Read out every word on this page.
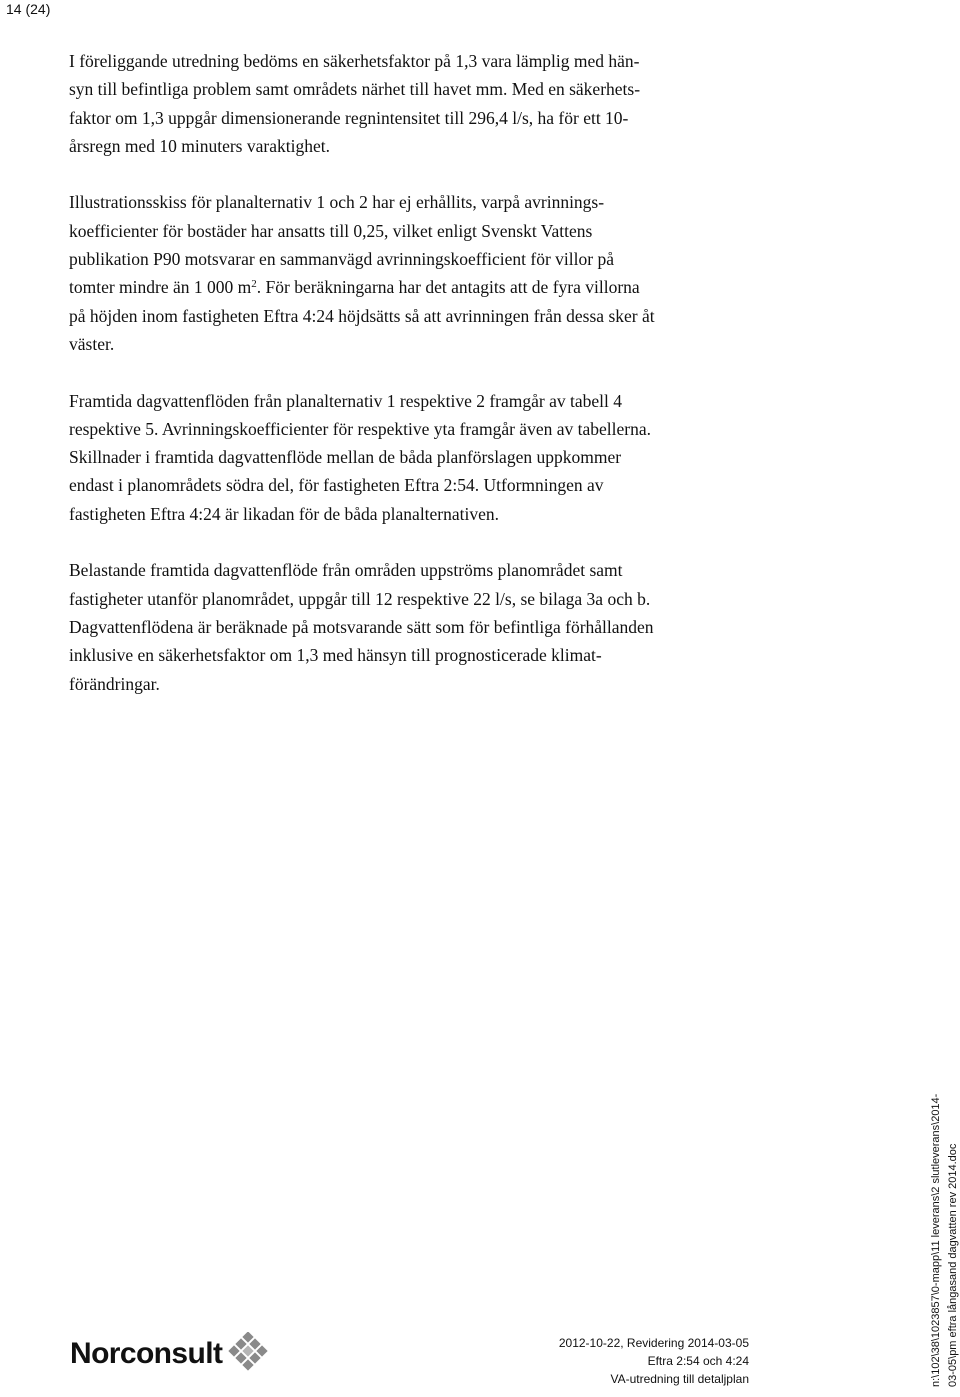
14 (24)
I föreliggande utredning bedöms en säkerhetsfaktor på 1,3 vara lämplig med hän-
syn till befintliga problem samt områdets närhet till havet mm. Med en säkerhets-
faktor om 1,3 uppgår dimensionerande regnintensitet till 296,4 l/s, ha för ett 10-
årsregn med 10 minuters varaktighet.
Illustrationsskiss för planalternativ 1 och 2 har ej erhållits, varpå avrinnings-
koefficienter för bostäder har ansatts till 0,25, vilket enligt Svenskt Vattens
publikation P90 motsvarar en sammanvägd avrinningskoefficient för villor på
tomter mindre än 1 000 $m^2$. För beräkningarna har det antagits att de fyra villorna
på höjden inom fastigheten Eftra 4:24 höjdsätts så att avrinningen från dessa sker åt
väster.
Framtida dagvattenflöden från planalternativ 1 respektive 2 framgår av tabell 4
respektive 5. Avrinningskoefficienter för respektive yta framgår även av tabellerna.
Skillnader i framtida dagvattenflöde mellan de båda planförslagen uppkommer
endast i planområdets södra del, för fastigheten Eftra 2:54. Utformningen av
fastigheten Eftra 4:24 är likadan för de båda planalternativen.
Belastande framtida dagvattenflöde från områden uppströms planområdet samt
fastigheter utanför planområdet, uppgår till 12 respektive 22 l/s, se bilaga 3a och b.
Dagvattenflödena är beräknade på motsvarande sätt som för befintliga förhållanden
inklusive en säkerhetsfaktor om 1,3 med hänsyn till prognosticerade klimat-
förändringar.
Norconsult	2012-10-22, Revidering 2014-03-05
Eftra 2:54 och 4:24
VA-utredning till detaljplan	n:\102\38\1023857\0-mapp\11 leverans\2 slutleverans\2014- 03-05\pm eftra långasand dagvatten rev 2014.doc
